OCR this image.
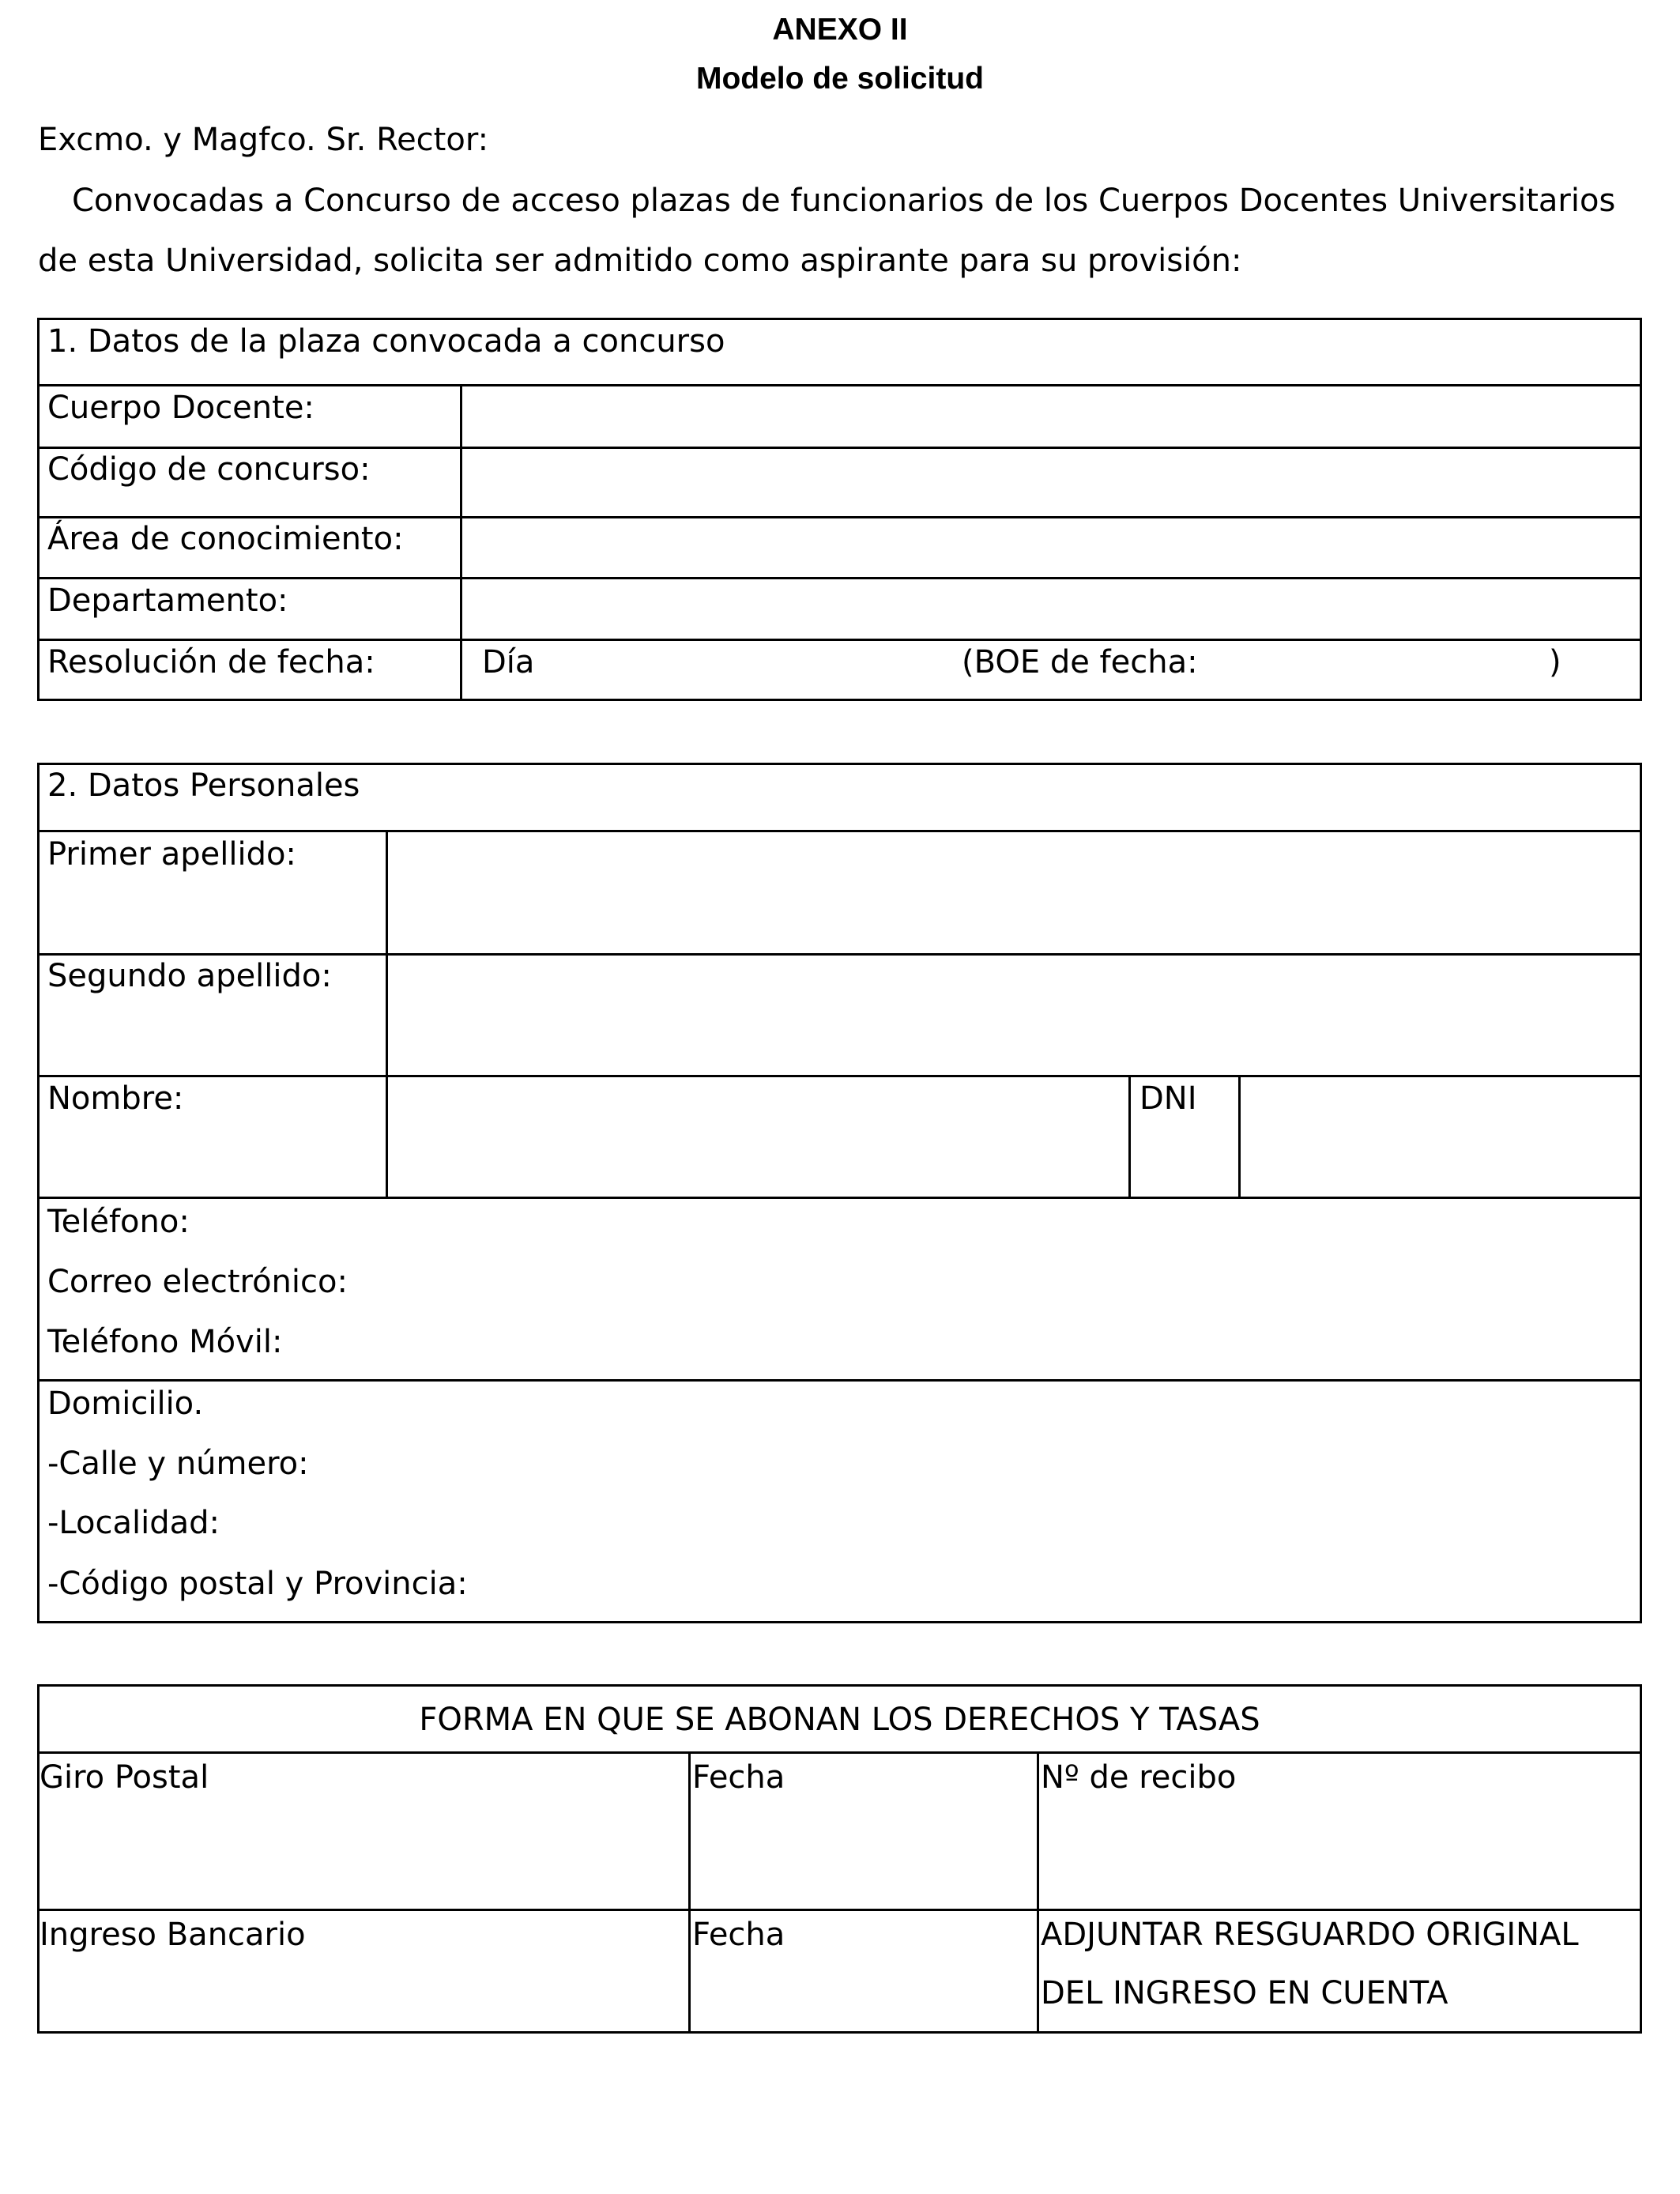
ANEXO II
Modelo de solicitud
Excmo. y Magfco. Sr. Rector:
Convocadas a Concurso de acceso plazas de funcionarios de los Cuerpos Docentes Universitarios
de esta Universidad, solicita ser admitido como aspirante para su provisión:
1. Datos de la plaza convocada a concurso
Cuerpo Docente:
Código de concurso:
Área de conocimiento:
Departamento:
Resolución de fecha:	Día	(BOE de fecha:	)
2. Datos Personales
Primer apellido:
Segundo apellido:
Nombre:	DNI
Teléfono:
Correo electrónico:
Teléfono Móvil:
Domicilio.
-Calle y número:
-Localidad:
-Código postal y Provincia:
FORMA EN QUE SE ABONAN LOS DERECHOS Y TASAS
Giro Postal	Fecha	Nº de recibo
Ingreso Bancario	Fecha	ADJUNTAR RESGUARDO ORIGINAL
DEL INGRESO EN CUENTA
